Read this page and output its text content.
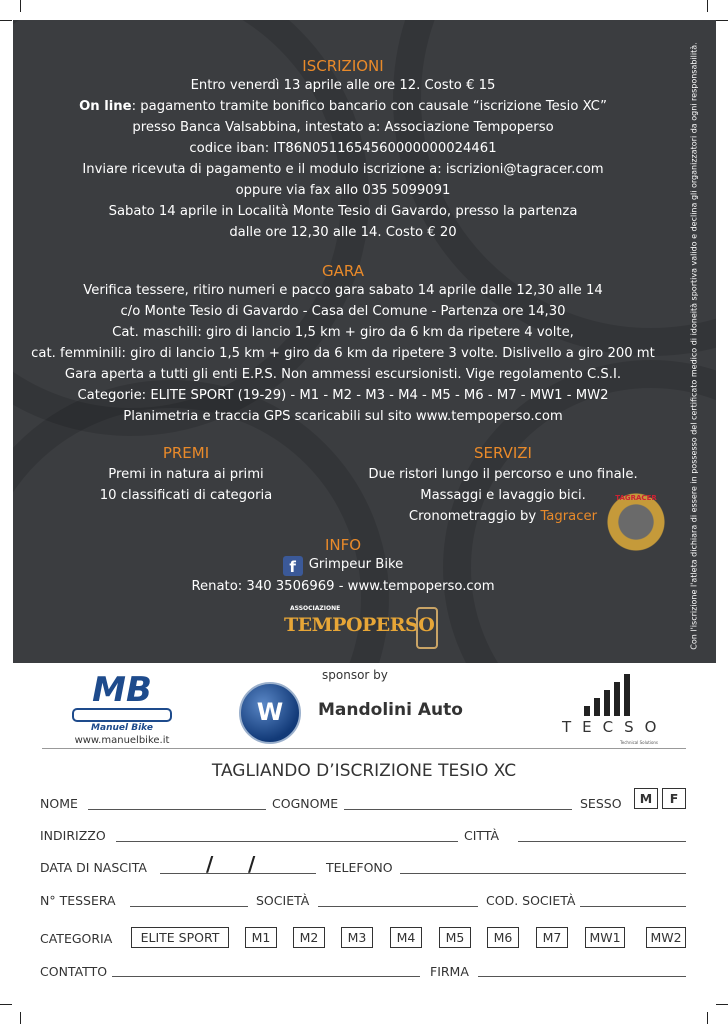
Con l'iscrizione l'atleta dichiara di essere in possesso del certificato medico di idoneità sportiva valido e declina gli organizzatori da ogni responsabilità.
ISCRIZIONI
Entro venerdì 13 aprile alle ore 12. Costo € 15
On line: pagamento tramite bonifico bancario con causale “iscrizione Tesio XC”
presso Banca Valsabbina, intestato a: Associazione Tempoperso
codice iban: IT86N0511654560000000024461
Inviare ricevuta di pagamento e il modulo iscrizione a: iscrizioni@tagracer.com
oppure via fax allo 035 5099091
Sabato 14 aprile in Località Monte Tesio di Gavardo, presso la partenza
dalle ore 12,30 alle 14. Costo € 20
GARA
Verifica tessere, ritiro numeri e pacco gara sabato 14 aprile dalle 12,30 alle 14
c/o Monte Tesio di Gavardo - Casa del Comune - Partenza ore 14,30
Cat. maschili: giro di lancio 1,5 km + giro da 6 km da ripetere 4 volte,
cat. femminili: giro di lancio 1,5 km + giro da 6 km da ripetere 3 volte. Dislivello a giro 200 mt
Gara aperta a tutti gli enti E.P.S. Non ammessi escursionisti. Vige regolamento C.S.I.
Categorie: ELITE SPORT (19-29) - M1 - M2 - M3 - M4 - M5 - M6 - M7 - MW1 - MW2
Planimetria e traccia GPS scaricabili sul sito www.tempoperso.com
PREMI
Premi in natura ai primi
10 classificati di categoria
SERVIZI
Due ristori lungo il percorso e uno finale.
Massaggi e lavaggio bici.
Cronometraggio by Tagracer
TAGRACER
INFO
f Grimpeur Bike
Renato: 340 3506969 - www.tempoperso.com
ASSOCIAZIONE
TEMPOPERSO
MB
Manuel Bike
www.manuelbike.it
sponsor by
W	Mandolini Auto
TECSO
Technical Solutions
TAGLIANDO D’ISCRIZIONE TESIO XC
NOME	COGNOME	SESSO	M	F
INDIRIZZO	CITTÀ
DATA DI NASCITA	/ /	TELEFONO
N° TESSERA	SOCIETÀ	COD. SOCIETÀ
CATEGORIA	ELITE SPORT	M1	M2	M3	M4	M5	M6	M7	MW1	MW2
CONTATTO	FIRMA
